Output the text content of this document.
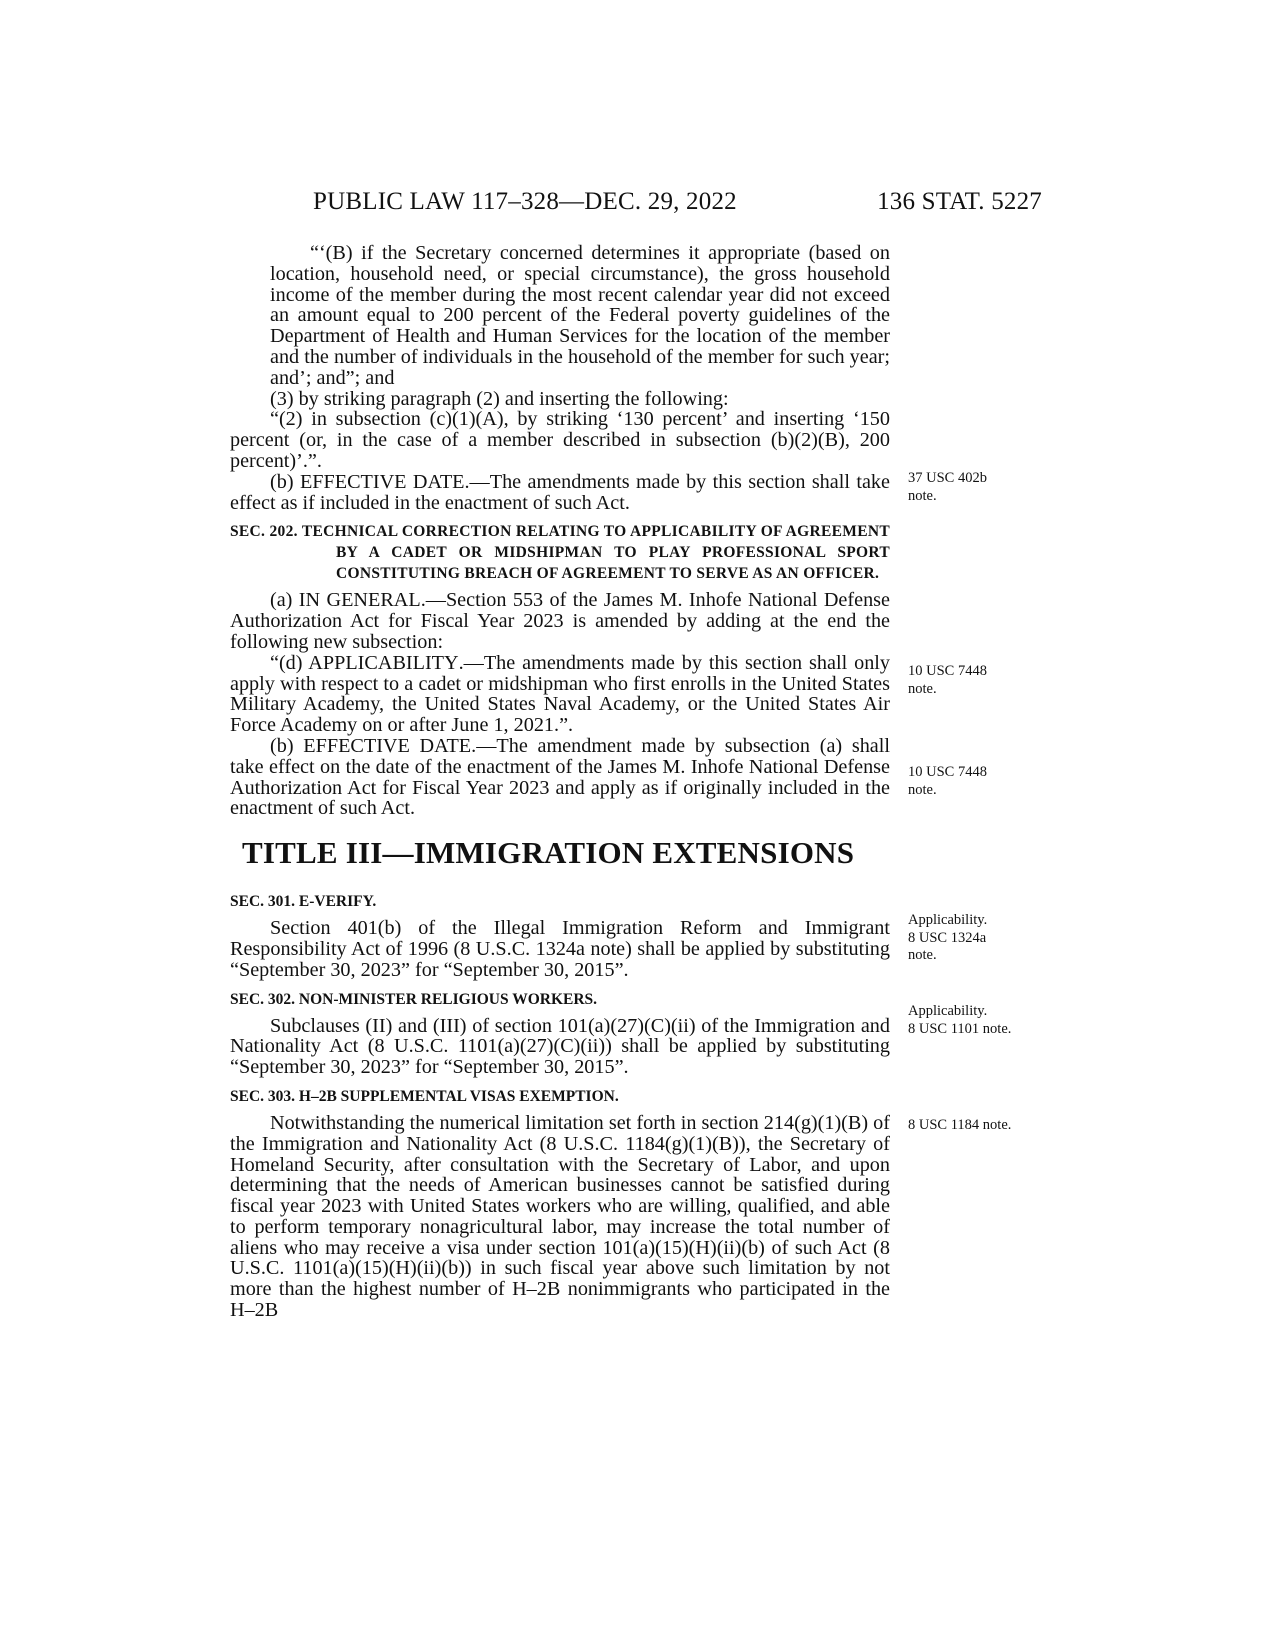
PUBLIC LAW 117–328—DEC. 29, 2022	136 STAT. 5227

“‘(B) if the Secretary concerned determines it appropriate (based on location, household need, or special circumstance), the gross household income of the member during the most recent calendar year did not exceed an amount equal to 200 percent of the Federal poverty guidelines of the Department of Health and Human Services for the location of the member and the number of individuals in the household of the member for such year; and’; and”; and

(3) by striking paragraph (2) and inserting the following:

“(2) in subsection (c)(1)(A), by striking ‘130 percent’ and inserting ‘150 percent (or, in the case of a member described in subsection (b)(2)(B), 200 percent)’.”.

(b) EFFECTIVE DATE.—The amendments made by this section shall take effect as if included in the enactment of such Act.

SEC. 202. TECHNICAL CORRECTION RELATING TO APPLICABILITY OF AGREEMENT BY A CADET OR MIDSHIPMAN TO PLAY PROFESSIONAL SPORT CONSTITUTING BREACH OF AGREEMENT TO SERVE AS AN OFFICER.

(a) IN GENERAL.—Section 553 of the James M. Inhofe National Defense Authorization Act for Fiscal Year 2023 is amended by adding at the end the following new subsection:

“(d) APPLICABILITY.—The amendments made by this section shall only apply with respect to a cadet or midshipman who first enrolls in the United States Military Academy, the United States Naval Academy, or the United States Air Force Academy on or after June 1, 2021.”.

(b) EFFECTIVE DATE.—The amendment made by subsection (a) shall take effect on the date of the enactment of the James M. Inhofe National Defense Authorization Act for Fiscal Year 2023 and apply as if originally included in the enactment of such Act.

TITLE III—IMMIGRATION EXTENSIONS
SEC. 301. E-VERIFY.

Section 401(b) of the Illegal Immigration Reform and Immigrant Responsibility Act of 1996 (8 U.S.C. 1324a note) shall be applied by substituting “September 30, 2023” for “September 30, 2015”.

SEC. 302. NON-MINISTER RELIGIOUS WORKERS.

Subclauses (II) and (III) of section 101(a)(27)(C)(ii) of the Immigration and Nationality Act (8 U.S.C. 1101(a)(27)(C)(ii)) shall be applied by substituting “September 30, 2023” for “September 30, 2015”.

SEC. 303. H–2B SUPPLEMENTAL VISAS EXEMPTION.

Notwithstanding the numerical limitation set forth in section 214(g)(1)(B) of the Immigration and Nationality Act (8 U.S.C. 1184(g)(1)(B)), the Secretary of Homeland Security, after consultation with the Secretary of Labor, and upon determining that the needs of American businesses cannot be satisfied during fiscal year 2023 with United States workers who are willing, qualified, and able to perform temporary nonagricultural labor, may increase the total number of aliens who may receive a visa under section 101(a)(15)(H)(ii)(b) of such Act (8 U.S.C. 1101(a)(15)(H)(ii)(b)) in such fiscal year above such limitation by not more than the highest number of H–2B nonimmigrants who participated in the H–2B

37 USC 402b
note.
10 USC 7448
note.
10 USC 7448
note.
Applicability.
8 USC 1324a
note.
Applicability.
8 USC 1101 note.
8 USC 1184 note.
